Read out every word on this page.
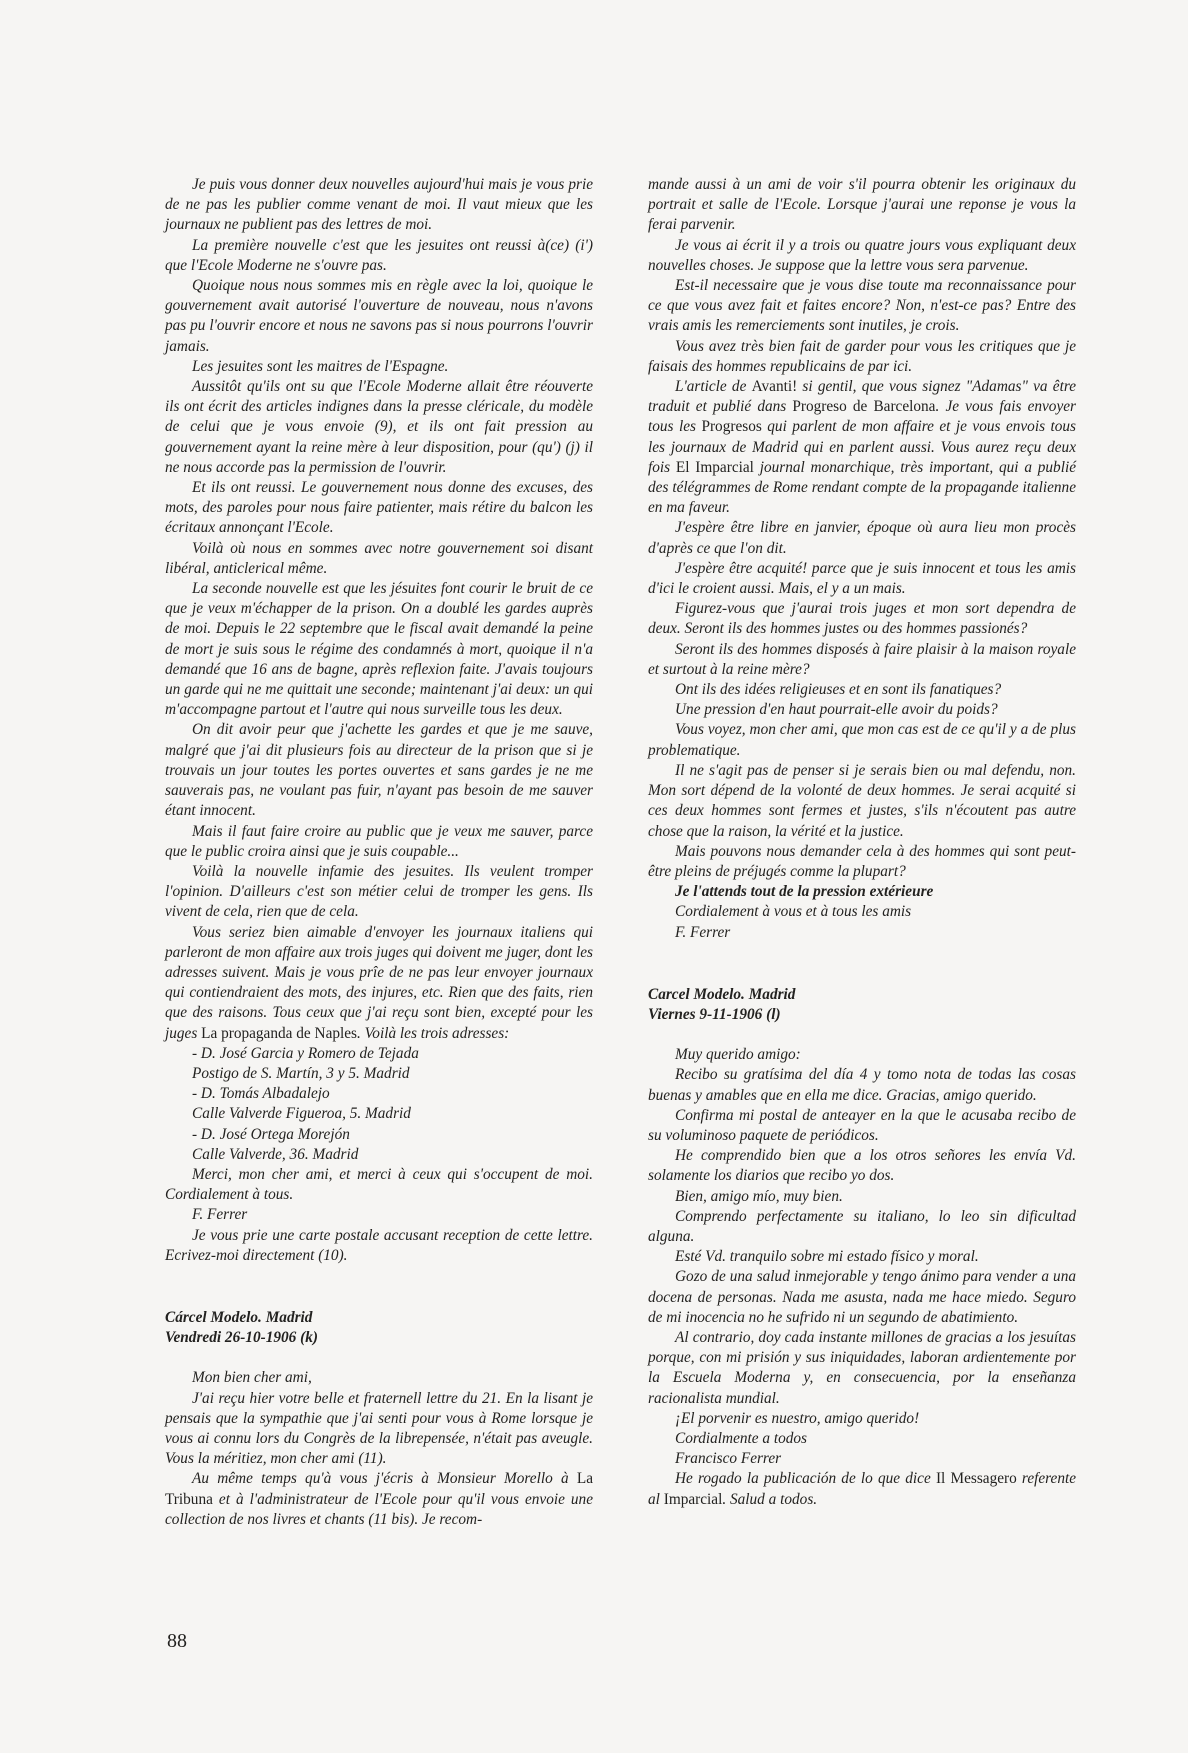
Je puis vous donner deux nouvelles aujourd'hui mais je vous prie de ne pas les publier comme venant de moi. Il vaut mieux que les journaux ne publient pas des lettres de moi.

La première nouvelle c'est que les jesuites ont reussi à(ce) (i') que l'Ecole Moderne ne s'ouvre pas.

Quoique nous nous sommes mis en règle avec la loi, quoique le gouvernement avait autorisé l'ouverture de nouveau, nous n'avons pas pu l'ouvrir encore et nous ne savons pas si nous pourrons l'ouvrir jamais.

Les jesuites sont les maitres de l'Espagne.

Aussitôt qu'ils ont su que l'Ecole Moderne allait être réouverte ils ont écrit des articles indignes dans la presse cléricale, du modèle de celui que je vous envoie (9), et ils ont fait pression au gouvernement ayant la reine mère à leur disposition, pour (qu') (j) il ne nous accorde pas la permission de l'ouvrir.

Et ils ont reussi. Le gouvernement nous donne des excuses, des mots, des paroles pour nous faire patienter, mais rétire du balcon les écritaux annonçant l'Ecole.

Voilà où nous en sommes avec notre gouvernement soi disant libéral, anticlerical même.

La seconde nouvelle est que les jésuites font courir le bruit de ce que je veux m'échapper de la prison. On a doublé les gardes auprès de moi. Depuis le 22 septembre que le fiscal avait demandé la peine de mort je suis sous le régime des condamnés à mort, quoique il n'a demandé que 16 ans de bagne, après reflexion faite. J'avais toujours un garde qui ne me quittait une seconde; maintenant j'ai deux: un qui m'accompagne partout et l'autre qui nous surveille tous les deux.

On dit avoir peur que j'achette les gardes et que je me sauve, malgré que j'ai dit plusieurs fois au directeur de la prison que si je trouvais un jour toutes les portes ouvertes et sans gardes je ne me sauverais pas, ne voulant pas fuir, n'ayant pas besoin de me sauver étant innocent.

Mais il faut faire croire au public que je veux me sauver, parce que le public croira ainsi que je suis coupable...

Voilà la nouvelle infamie des jesuites. Ils veulent tromper l'opinion. D'ailleurs c'est son métier celui de tromper les gens. Ils vivent de cela, rien que de cela.

Vous seriez bien aimable d'envoyer les journaux italiens qui parleront de mon affaire aux trois juges qui doivent me juger, dont les adresses suivent. Mais je vous prîe de ne pas leur envoyer journaux qui contiendraient des mots, des injures, etc. Rien que des faits, rien que des raisons. Tous ceux que j'ai reçu sont bien, excepté pour les juges La propaganda de Naples. Voilà les trois adresses:

- D. José Garcia y Romero de Tejada

Postigo de S. Martín, 3 y 5. Madrid

- D. Tomás Albadalejo

Calle Valverde Figueroa, 5. Madrid

- D. José Ortega Morejón

Calle Valverde, 36. Madrid

Merci, mon cher ami, et merci à ceux qui s'occupent de moi. Cordialement à tous.

F. Ferrer

Je vous prie une carte postale accusant reception de cette lettre. Ecrivez-moi directement (10).

Cárcel Modelo. Madrid

Vendredi 26-10-1906 (k)

Mon bien cher ami,

J'ai reçu hier votre belle et fraternell lettre du 21. En la lisant je pensais que la sympathie que j'ai senti pour vous à Rome lorsque je vous ai connu lors du Congrès de la librepensée, n'était pas aveugle. Vous la méritiez, mon cher ami (11).

Au même temps qu'à vous j'écris à Monsieur Morello à La Tribuna et à l'administrateur de l'Ecole pour qu'il vous envoie une collection de nos livres et chants (11 bis). Je recom-

mande aussi à un ami de voir s'il pourra obtenir les originaux du portrait et salle de l'Ecole. Lorsque j'aurai une reponse je vous la ferai parvenir.

Je vous ai écrit il y a trois ou quatre jours vous expliquant deux nouvelles choses. Je suppose que la lettre vous sera parvenue.

Est-il necessaire que je vous dise toute ma reconnaissance pour ce que vous avez fait et faites encore? Non, n'est-ce pas? Entre des vrais amis les remerciements sont inutiles, je crois.

Vous avez très bien fait de garder pour vous les critiques que je faisais des hommes republicains de par ici.

L'article de Avanti! si gentil, que vous signez "Adamas" va être traduit et publié dans Progreso de Barcelona. Je vous fais envoyer tous les Progresos qui parlent de mon affaire et je vous envois tous les journaux de Madrid qui en parlent aussi. Vous aurez reçu deux fois El Imparcial journal monarchique, très important, qui a publié des télégrammes de Rome rendant compte de la propagande italienne en ma faveur.

J'espère être libre en janvier, époque où aura lieu mon procès d'après ce que l'on dit.

J'espère être acquité! parce que je suis innocent et tous les amis d'ici le croient aussi. Mais, el y a un mais.

Figurez-vous que j'aurai trois juges et mon sort dependra de deux. Seront ils des hommes justes ou des hommes passionés?

Seront ils des hommes disposés à faire plaisir à la maison royale et surtout à la reine mère?

Ont ils des idées religieuses et en sont ils fanatiques?

Une pression d'en haut pourrait-elle avoir du poids?

Vous voyez, mon cher ami, que mon cas est de ce qu'il y a de plus problematique.

Il ne s'agit pas de penser si je serais bien ou mal defendu, non. Mon sort dépend de la volonté de deux hommes. Je serai acquité si ces deux hommes sont fermes et justes, s'ils n'écoutent pas autre chose que la raison, la vérité et la justice.

Mais pouvons nous demander cela à des hommes qui sont peut-être pleins de préjugés comme la plupart?

Je l'attends tout de la pression extérieure

Cordialement à vous et à tous les amis

F. Ferrer

Carcel Modelo. Madrid

Viernes 9-11-1906 (l)

Muy querido amigo:

Recibo su gratísima del día 4 y tomo nota de todas las cosas buenas y amables que en ella me dice. Gracias, amigo querido.

Confirma mi postal de anteayer en la que le acusaba recibo de su voluminoso paquete de periódicos.

He comprendido bien que a los otros señores les envía Vd. solamente los diarios que recibo yo dos.

Bien, amigo mío, muy bien.

Comprendo perfectamente su italiano, lo leo sin dificultad alguna.

Esté Vd. tranquilo sobre mi estado físico y moral.

Gozo de una salud inmejorable y tengo ánimo para vender a una docena de personas. Nada me asusta, nada me hace miedo. Seguro de mi inocencia no he sufrido ni un segundo de abatimiento.

Al contrario, doy cada instante millones de gracias a los jesuítas porque, con mi prisión y sus iniquidades, laboran ardientemente por la Escuela Moderna y, en consecuencia, por la enseñanza racionalista mundial.

¡El porvenir es nuestro, amigo querido!

Cordialmente a todos

Francisco Ferrer

He rogado la publicación de lo que dice Il Messagero referente al Imparcial. Salud a todos.

88
